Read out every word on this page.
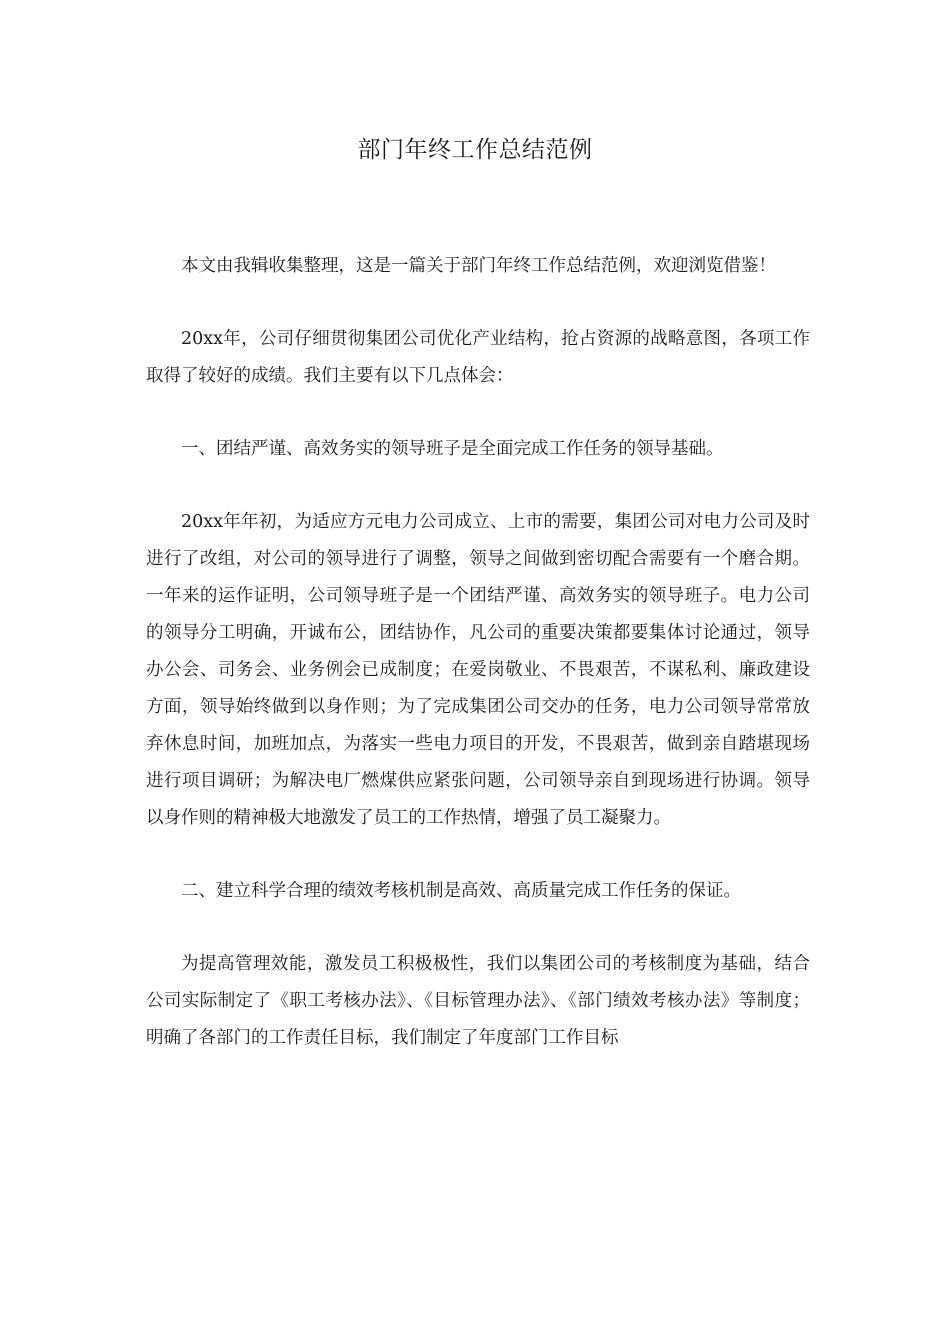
部门年终工作总结范例

本文由我辑收集整理，这是一篇关于部门年终工作总结范例，欢迎浏览借鉴！

20xx年，公司仔细贯彻集团公司优化产业结构，抢占资源的战略意图，各项工作取得了较好的成绩。我们主要有以下几点体会：

一、团结严谨、高效务实的领导班子是全面完成工作任务的领导基础。

20xx年年初，为适应方元电力公司成立、上市的需要，集团公司对电力公司及时进行了改组，对公司的领导进行了调整，领导之间做到密切配合需要有一个磨合期。一年来的运作证明，公司领导班子是一个团结严谨、高效务实的领导班子。电力公司的领导分工明确，开诚布公，团结协作，凡公司的重要决策都要集体讨论通过，领导办公会、司务会、业务例会已成制度；在爱岗敬业、不畏艰苦，不谋私利、廉政建设方面，领导始终做到以身作则；为了完成集团公司交办的任务，电力公司领导常常放弃休息时间，加班加点，为落实一些电力项目的开发，不畏艰苦，做到亲自踏堪现场进行项目调研；为解决电厂燃煤供应紧张问题，公司领导亲自到现场进行协调。领导以身作则的精神极大地激发了员工的工作热情，增强了员工凝聚力。

二、建立科学合理的绩效考核机制是高效、高质量完成工作任务的保证。

为提高管理效能，激发员工积极极性，我们以集团公司的考核制度为基础，结合公司实际制定了《职工考核办法》、《目标管理办法》、《部门绩效考核办法》等制度；明确了各部门的工作责任目标，我们制定了年度部门工作目标
